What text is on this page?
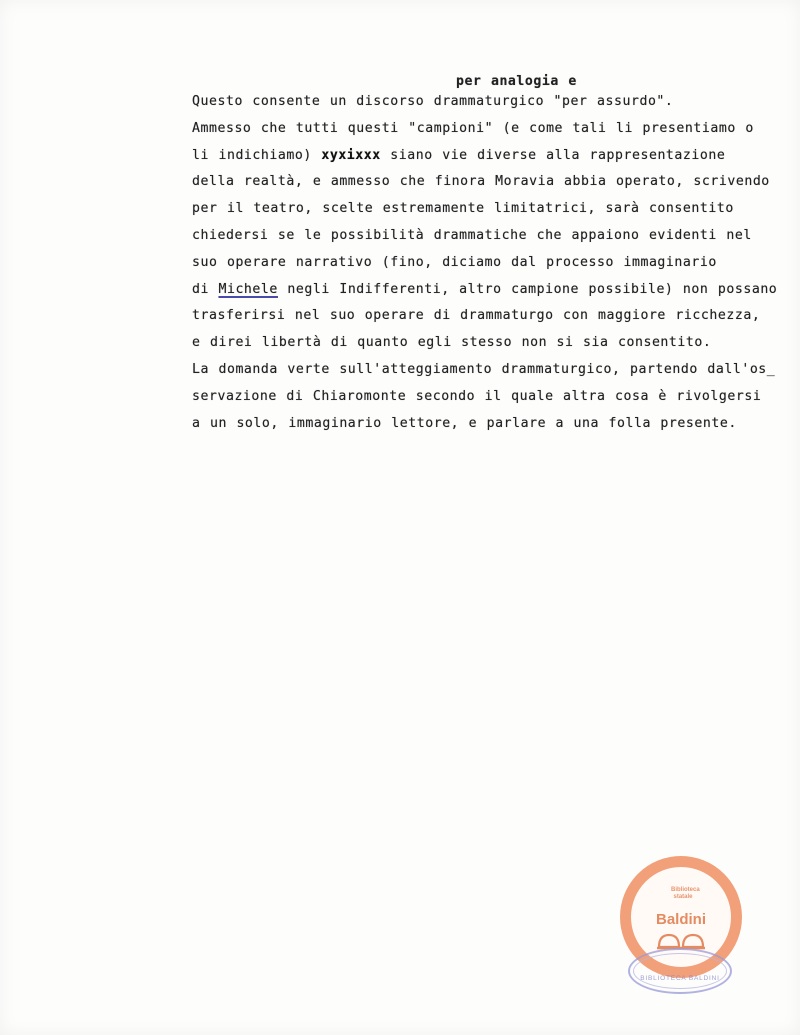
per analogia e

Questo consente un discorso drammaturgico "per assurdo".
Ammesso che tutti questi "campioni" (e come tali li presentiamo o
li indichiamo) xyxixxx siano vie diverse alla rappresentazione
della realtà, e ammesso che finora Moravia abbia operato, scrivendo
per il teatro, scelte estremamente limitatrici, sarà consentito
chiedersi se le possibilità drammatiche che appaiono evidenti nel
suo operare narrativo (fino, diciamo dal processo immaginario
di Michele negli Indifferenti, altro campione possibile) non possano
trasferirsi nel suo operare di drammaturgo con maggiore ricchezza,
e direi libertà di quanto egli stesso non si sia consentito.
La domanda verte sull'atteggiamento drammaturgico, partendo dall'os_
servazione di Chiaromonte secondo il quale altra cosa è rivolgersi
a un solo, immaginario lettore, e parlare a una folla presente.
Biblioteca statale
Baldini
BIBLIOTECA BALDINI
